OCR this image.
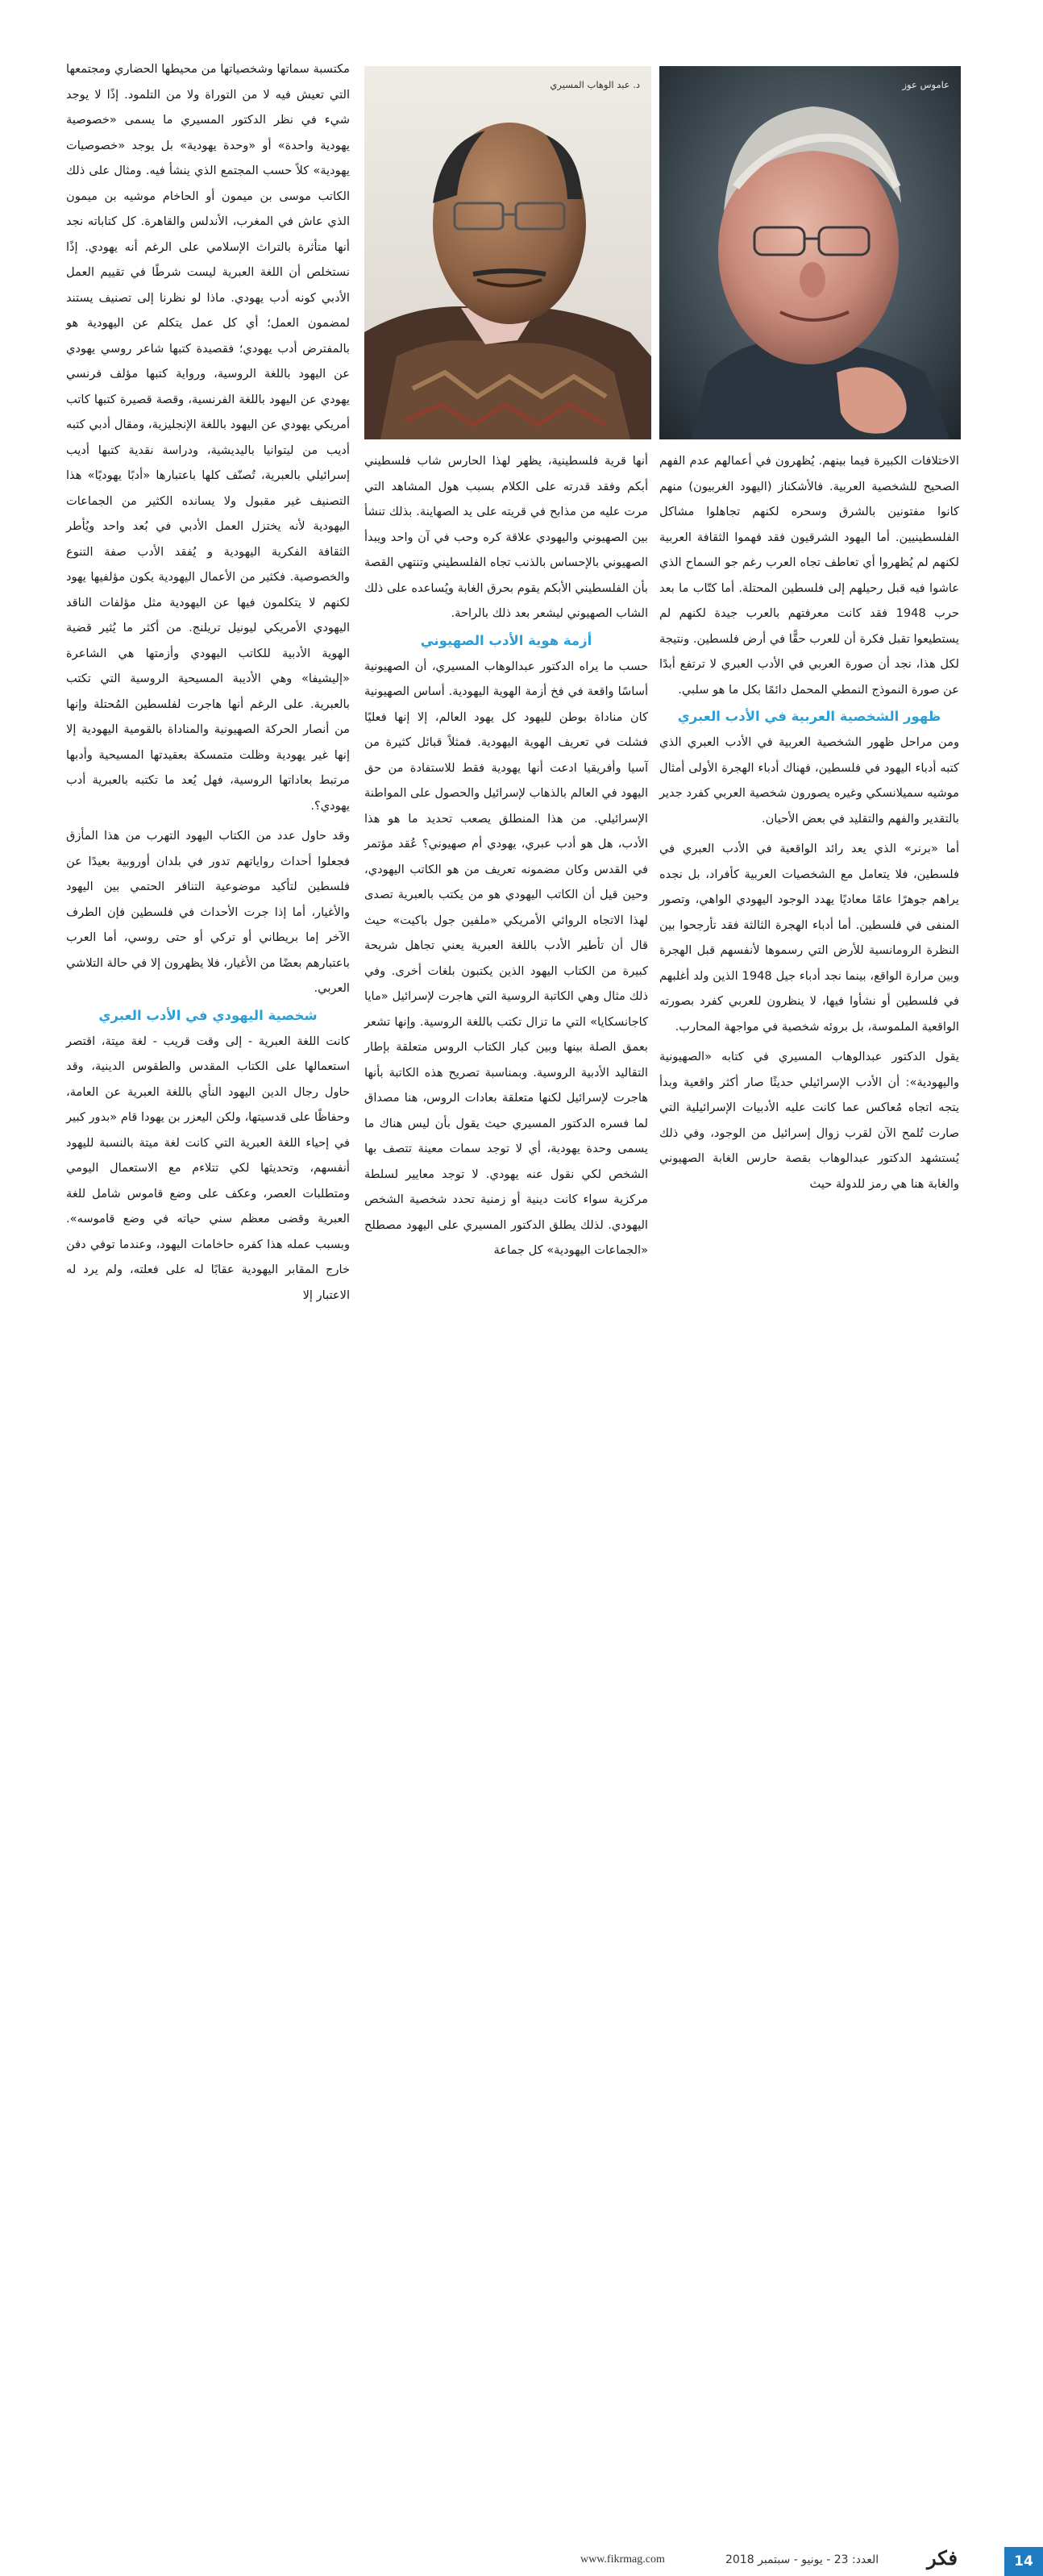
عاموس عوز
د. عبد الوهاب المسيري

الاختلافات الكبيرة فيما بينهم. يُظهرون في أعمالهم عدم الفهم الصحيح للشخصية العربية. فالأشكناز (اليهود الغربيون) منهم كانوا مفتونين بالشرق وسحره لكنهم تجاهلوا مشاكل الفلسطينيين. أما اليهود الشرقيون فقد فهموا الثقافة العربية لكنهم لم يُظهروا أي تعاطف تجاه العرب رغم جو السماح الذي عاشوا فيه قبل رحيلهم إلى فلسطين المحتلة. أما كتّاب ما بعد حرب 1948 فقد كانت معرفتهم بالعرب جيدة لكنهم لم يستطيعوا تقبل فكرة أن للعرب حقًّا في أرض فلسطين. ونتيجة لكل هذا، نجد أن صورة العربي في الأدب العبري لا ترتفع أبدًا عن صورة النموذج النمطي المحمل دائمًا بكل ما هو سلبي.

ظهور الشخصية العربية في الأدب العبري

ومن مراحل ظهور الشخصية العربية في الأدب العبري الذي كتبه أدباء اليهود في فلسطين، فهناك أدباء الهجرة الأولى أمثال موشيه سميلانسكي وغيره يصورون شخصية العربي كفرد جدير بالتقدير والفهم والتقليد في بعض الأحيان.

أما «برنر» الذي يعد رائد الواقعية في الأدب العبري في فلسطين، فلا يتعامل مع الشخصيات العربية كأفراد، بل نجده يراهم جوهرًا عامًا معاديًا يهدد الوجود اليهودي الواهي، وتصور المنفى في فلسطين. أما أدباء الهجرة الثالثة فقد تأرجحوا بين النظرة الرومانسية للأرض التي رسموها لأنفسهم قبل الهجرة وبين مرارة الواقع، بينما نجد أدباء جيل 1948 الذين ولد أغلبهم في فلسطين أو نشأوا فيها، لا ينظرون للعربي كفرد بصورته الواقعية الملموسة، بل بروئه شخصية في مواجهة المحارب.

يقول الدكتور عبدالوهاب المسيري في كتابه «الصهيونية واليهودية»: أن الأدب الإسرائيلي حديثًا صار أكثر واقعية وبدأ يتجه اتجاه مُعاكس عما كانت عليه الأدبيات الإسرائيلية التي صارت تُلمح الآن لقرب زوال إسرائيل من الوجود، وفي ذلك يُستشهد الدكتور عبدالوهاب بقصة حارس الغابة الصهيوني والغابة هنا هي رمز للدولة حيث

أنها قرية فلسطينية، يظهر لهذا الحارس شاب فلسطيني أبكم وفقد قدرته على الكلام بسبب هول المشاهد التي مرت عليه من مذابح في قريته على يد الصهاينة. بذلك تنشأ بين الصهيوني واليهودي علاقة كره وحب في آن واحد ويبدأ الصهيوني بالإحساس بالذنب تجاه الفلسطيني وتنتهي القصة بأن الفلسطيني الأبكم يقوم بحرق الغابة ويُساعده على ذلك الشاب الصهيوني ليشعر بعد ذلك بالراحة.

أزمة هوية الأدب الصهيوني

حسب ما يراه الدكتور عبدالوهاب المسيري، أن الصهيونية أساسًا واقعة في فخ أزمة الهوية اليهودية. أساس الصهيونية كان مناداة بوطن لليهود كل يهود العالم، إلا إنها فعليًا فشلت في تعريف الهوية اليهودية. فمثلاً قبائل كثيرة من آسيا وأفريقيا ادعت أنها يهودية فقط للاستفادة من حق اليهود في العالم بالذهاب لإسرائيل والحصول على المواطنة الإسرائيلي. من هذا المنطلق يصعب تحديد ما هو هذا الأدب، هل هو أدب عبري، يهودي أم صهيوني؟ عُقد مؤتمر في القدس وكان مضمونه تعريف من هو الكاتب اليهودي، وحين قيل أن الكاتب اليهودي هو من يكتب بالعبرية تصدى لهذا الاتجاه الروائي الأمريكي «ملفين جول باكيت» حيث قال أن تأطير الأدب باللغة العبرية يعني تجاهل شريحة كبيرة من الكتاب اليهود الذين يكتبون بلغات أخرى. وفي ذلك مثال وهي الكاتبة الروسية التي هاجرت لإسرائيل «مايا كاجانسكايا» التي ما تزال تكتب باللغة الروسية. وإنها تشعر بعمق الصلة بينها وبين كبار الكتاب الروس متعلقة بإطار التقاليد الأدبية الروسية. وبمناسبة تصريح هذه الكاتبة بأنها هاجرت لإسرائيل لكنها متعلقة بعادات الروس، هنا مصداق لما فسره الدكتور المسيري حيث يقول بأن ليس هناك ما يسمى وحدة يهودية، أي لا توجد سمات معينة تتصف بها الشخص لكي نقول عنه يهودي. لا توجد معايير لسلطة مركزية سواء كانت دينية أو زمنية تحدد شخصية الشخص اليهودي. لذلك يطلق الدكتور المسيري على اليهود مصطلح «الجماعات اليهودية» كل جماعة

مكتسبة سماتها وشخصياتها من محيطها الحضاري ومجتمعها التي تعيش فيه لا من التوراة ولا من التلمود. إذًا لا يوجد شيء في نظر الدكتور المسيري ما يسمى «خصوصية يهودية واحدة» أو «وحدة يهودية» بل يوجد «خصوصيات يهودية» كلاً حسب المجتمع الذي ينشأ فيه. ومثال على ذلك الكاتب موسى بن ميمون أو الحاخام موشيه بن ميمون الذي عاش في المغرب، الأندلس والقاهرة. كل كتاباته نجد أنها متأثرة بالتراث الإسلامي على الرغم أنه يهودي. إذًا نستخلص أن اللغة العبرية ليست شرطًا في تقييم العمل الأدبي كونه أدب يهودي. ماذا لو نظرنا إلى تصنيف يستند لمضمون العمل؛ أي كل عمل يتكلم عن اليهودية هو بالمفترض أدب يهودي؛ فقصيدة كتبها شاعر روسي يهودي عن اليهود باللغة الروسية، ورواية كتبها مؤلف فرنسي يهودي عن اليهود باللغة الفرنسية، وقصة قصيرة كتبها كاتب أمريكي يهودي عن اليهود باللغة الإنجليزية، ومقال أدبي كتبه أديب من ليتوانيا باليديشية، ودراسة نقدية كتبها أديب إسرائيلي بالعبرية، تُصنّف كلها باعتبارها «أدبًا يهوديًا» هذا التصنيف غير مقبول ولا يسانده الكثير من الجماعات اليهودية لأنه يختزل العمل الأدبي في بُعد واحد ويُأطر الثقافة الفكرية اليهودية و يُفقد الأدب صفة التنوع والخصوصية. فكثير من الأعمال اليهودية يكون مؤلفيها يهود لكنهم لا يتكلمون فيها عن اليهودية مثل مؤلفات الناقد اليهودي الأمريكي ليونيل تريلنج. من أكثر ما يُثير قضية الهوية الأدبية للكاتب اليهودي وأزمتها هي الشاعرة «إليشيفا» وهي الأديبة المسيحية الروسية التي تكتب بالعبرية. على الرغم أنها هاجرت لفلسطين المُحتلة وإنها من أنصار الحركة الصهيونية والمناداة بالقومية اليهودية إلا إنها غير يهودية وظلت متمسكة بعقيدتها المسيحية وأدبها مرتبط بعاداتها الروسية، فهل يُعد ما تكتبه بالعبرية أدب يهودي؟.

وقد حاول عدد من الكتاب اليهود التهرب من هذا المأزق فجعلوا أحداث رواياتهم تدور في بلدان أوروبية بعيدًا عن فلسطين لتأكيد موضوعية التنافر الحتمي بين اليهود والأغيار، أما إذا جرت الأحداث في فلسطين فإن الطرف الآخر إما بريطاني أو تركي أو حتى روسي، أما العرب باعتبارهم بعضًا من الأغيار، فلا يظهرون إلا في حالة التلاشي العربي.

شخصية اليهودي في الأدب العبري

كانت اللغة العبرية - إلى وقت قريب - لغة ميتة، اقتصر استعمالها على الكتاب المقدس والطقوس الدينية، وقد حاول رجال الدين اليهود النأي باللغة العبرية عن العامة، وحفاظًا على قدسيتها، ولكن اليعزر بن يهودا قام «بدور كبير في إحياء اللغة العبرية التي كانت لغة ميتة بالنسبة لليهود أنفسهم، وتحديثها لكي تتلاءم مع الاستعمال اليومي ومتطلبات العصر، وعكف على وضع قاموس شامل للغة العبرية وقضى معظم سني حياته في وضع قاموسه». وبسبب عمله هذا كفره حاخامات اليهود، وعندما توفي دفن خارج المقابر اليهودية عقابًا له على فعلته، ولم يرد له الاعتبار إلا

www.fikrmag.com	العدد: 23 - يونيو - سبتمبر 2018 فكر	14
